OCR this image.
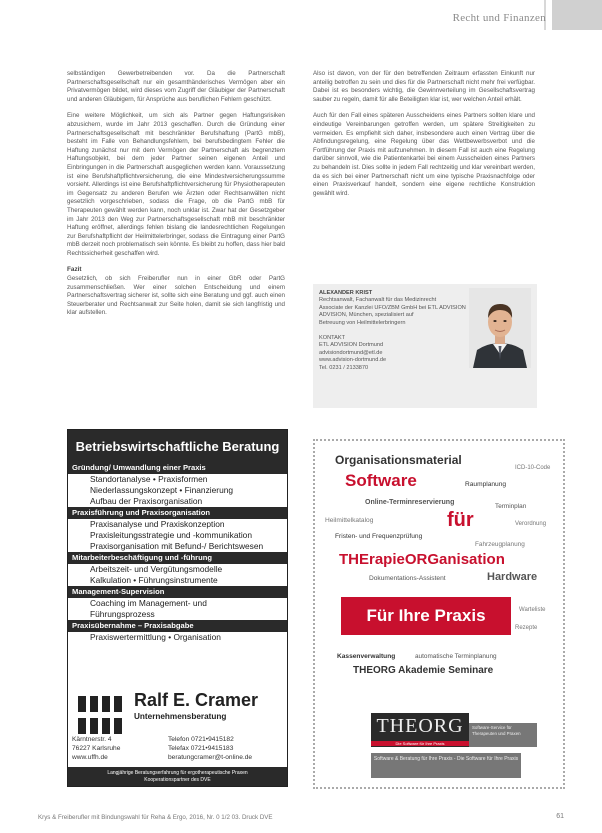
Recht und Finanzen

selbständigen Gewerbetreibenden vor. Da die Partnerschaft Partnerschaftsgesellschaft nur ein gesamthänderisches Vermögen aber ein Privatvermögen bildet, wird dieses vom Zugriff der Gläubiger der Partnerschaft und anderen Gläubigern, für Ansprüche aus beruflichen Fehlern geschützt.

Eine weitere Möglichkeit, um sich als Partner gegen Haftungsrisiken abzusichern, wurde im Jahr 2013 geschaffen. Durch die Gründung einer Partnerschaftsgesellschaft mit beschränkter Berufshaftung (PartG mbB), besteht im Falle von Behandlungsfehlern, bei berufsbedingtem Fehler die Haftung zunächst nur mit dem Vermögen der Partnerschaft als begrenztem Haftungsobjekt, bei dem jeder Partner seinen eigenen Anteil und Einbringungen in die Partnerschaft ausgeglichen werden kann. Voraussetzung ist eine Berufshaftpflichtversicherung, die eine Mindestversicherungssumme vorsieht. Allerdings ist eine Berufshaftpflichtversicherung für Physiotherapeuten im Gegensatz zu anderen Berufen wie Ärzten oder Rechtsanwälten nicht gesetzlich vorgeschrieben, sodass die Frage, ob die PartG mbB für Therapeuten gewählt werden kann, noch unklar ist. Zwar hat der Gesetzgeber im Jahr 2013 den Weg zur Partnerschaftsgesellschaft mbB mit beschränkter Haftung eröffnet, allerdings fehlen bislang die landesrechtlichen Regelungen zur Berufshaftpflicht der Heilmittelerbringer, sodass die Eintragung einer PartG mbB derzeit noch problematisch sein könnte. Es bleibt zu hoffen, dass hier bald Rechtssicherheit geschaffen wird.

Fazit

Gesetzlich, ob sich Freiberufler nun in einer GbR oder PartG zusammenschließen. Wer einer solchen Entscheidung und einem Partnerschaftsvertrag sicherer ist, sollte sich eine Beratung und ggf. auch einen Steuerberater und Rechtsanwalt zur Seite holen, damit sie sich langfristig und klar aufstellen.

Also ist davon, von der für den betreffenden Zeitraum erfassten Einkunft nur anteilig betroffen zu sein und dies für die Partnerschaft nicht mehr frei verfügbar. Dabei ist es besonders wichtig, die Gewinnverteilung im Gesellschaftsvertrag sauber zu regeln, damit für alle Beteiligten klar ist, wer welchen Anteil erhält.

Auch für den Fall eines späteren Ausscheidens eines Partners sollten klare und eindeutige Vereinbarungen getroffen werden, um spätere Streitigkeiten zu vermeiden. Es empfiehlt sich daher, insbesondere auch einen Vertrag über die Abfindungsregelung, eine Regelung über das Wettbewerbsverbot und die Fortführung der Praxis mit aufzunehmen. In diesem Fall ist auch eine Regelung darüber sinnvoll, wie die Patientenkartei bei einem Ausscheiden eines Partners zu behandeln ist. Dies sollte in jedem Fall rechtzeitig und klar vereinbart werden, da es sich bei einer Partnerschaft nicht um eine typische Praxisnachfolge oder einen Praxisverkauf handelt, sondern eine eigene rechtliche Konstruktion gewählt wird.

ALEXANDER KRIST
Rechtsanwalt, Fachanwalt für das Medizinrecht
Associate der Kanzlei UFO/ZBM GmbH bei ETL ADVISION
ADVISION, München, spezialisiert auf
Betreuung von Heilmittelerbringern
KONTAKT
ETL ADVISION Dortmund
advisiondortmund@etl.de
www.advision-dortmund.de
Tel. 0231 / 2133870
Betriebswirtschaftliche Beratung
Gründung/ Umwandlung einer Praxis
Standortanalyse • Praxisformen
Niederlassungskonzept • Finanzierung
Aufbau der Praxisorganisation
Praxisführung und Praxisorganisation
Praxisanalyse und Praxiskonzeption
Praxisleitungsstrategie und -kommunikation
Praxisorganisation mit Befund-/ Berichtswesen
Mitarbeiterbeschäftigung und -führung
Arbeitszeit- und Vergütungsmodelle
Kalkulation • Führungsinstrumente
Management-Supervision
Coaching im Management- und
Führungsprozess
Praxisübernahme – Praxisabgabe
Praxiswertermittlung • Organisation
Ralf E. Cramer
Unternehmensberatung
Kärntnerstr. 4
76227 Karlsruhe
www.uffh.de
Telefon 0721•9415182
Telefax 0721•9415183
beratungcramer@t-online.de
Langjährige Beratungserfahrung für ergotherapeutische Praxen
Kooperationspartner des DVE
Organisationsmaterial
ICD-10-Code
Software	Raumplanung
Online-Terminreservierung
Terminplan
Heilmittelkatalog	für	Verordnung
Fristen- und Frequenzprüfung
Fahrzeugplanung
THErapieORGanisation
Dokumentations-Assistent	Hardware
Für Ihre Praxis	Warteliste
Rezepte
Kassenverwaltung	automatische Terminplanung
THEORG Akademie Seminare
THEORG
Die Software für Ihre Praxis
Software-Service für Therapeuten und Praxen
Software & Beratung für Ihre Praxis - Die Software für Ihre Praxis
Krys & Freiberufler mit Bindungswahl für Reha & Ergo, 2016, Nr. 0 1/2 03. Druck DVE	61
